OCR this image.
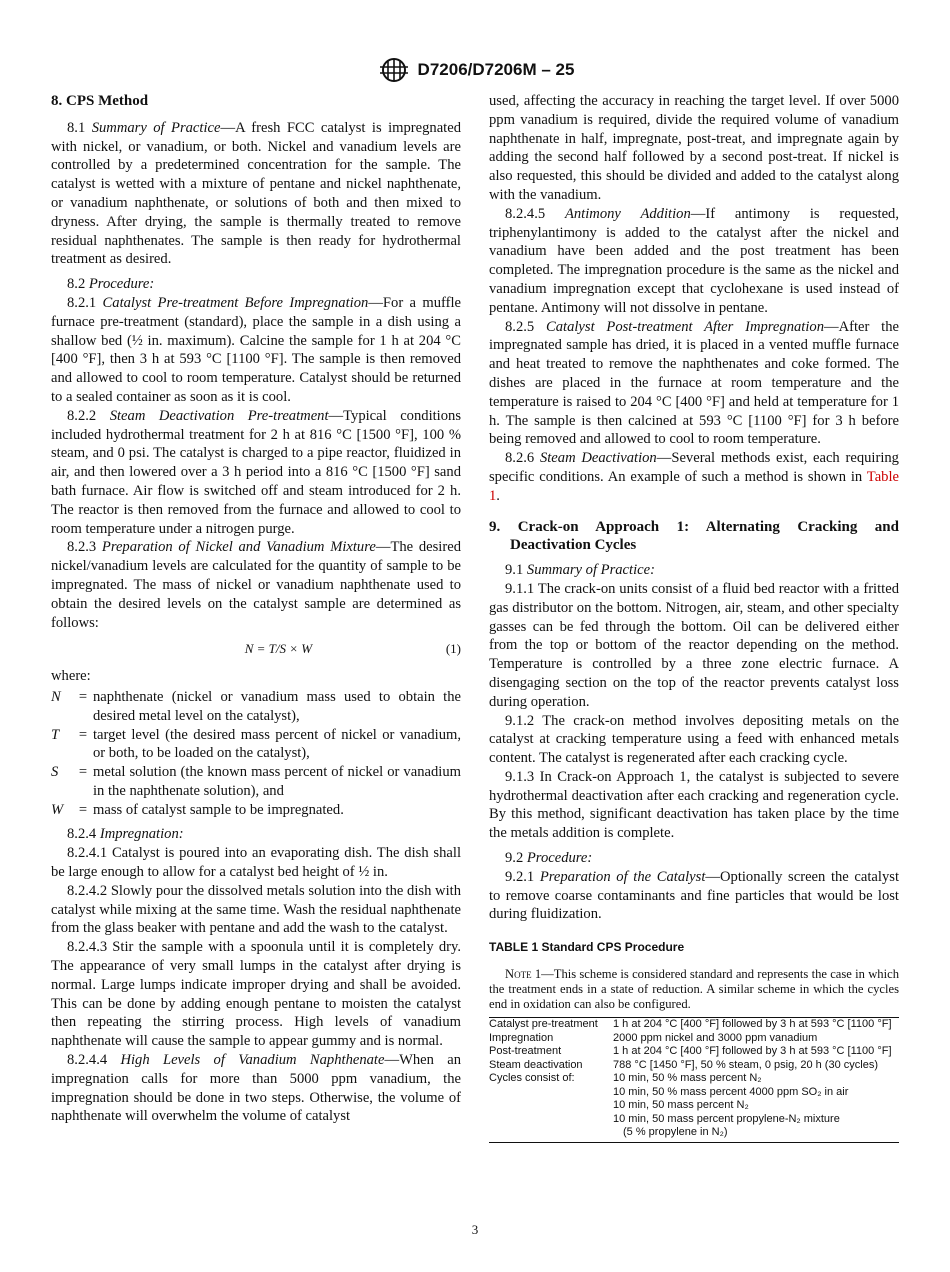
D7206/D7206M – 25

8. CPS Method

8.1 Summary of Practice—A fresh FCC catalyst is impregnated with nickel, or vanadium, or both. Nickel and vanadium levels are controlled by a predetermined concentration for the sample. The catalyst is wetted with a mixture of pentane and nickel naphthenate, or vanadium naphthenate, or solutions of both and then mixed to dryness. After drying, the sample is thermally treated to remove residual naphthenates. The sample is then ready for hydrothermal treatment as desired.

8.2 Procedure:

8.2.1 Catalyst Pre-treatment Before Impregnation—For a muffle furnace pre-treatment (standard), place the sample in a dish using a shallow bed (½ in. maximum). Calcine the sample for 1 h at 204 °C [400 °F], then 3 h at 593 °C [1100 °F]. The sample is then removed and allowed to cool to room temperature. Catalyst should be returned to a sealed container as soon as it is cool.

8.2.2 Steam Deactivation Pre-treatment—Typical conditions included hydrothermal treatment for 2 h at 816 °C [1500 °F], 100 % steam, and 0 psi. The catalyst is charged to a pipe reactor, fluidized in air, and then lowered over a 3 h period into a 816 °C [1500 °F] sand bath furnace. Air flow is switched off and steam introduced for 2 h. The reactor is then removed from the furnace and allowed to cool to room temperature under a nitrogen purge.

8.2.3 Preparation of Nickel and Vanadium Mixture—The desired nickel/vanadium levels are calculated for the quantity of sample to be impregnated. The mass of nickel or vanadium naphthenate used to obtain the desired levels on the catalyst sample are determined as follows:

N = T/S × W	(1)

where:

N	= naphthenate (nickel or vanadium mass used to obtain the desired metal level on the catalyst),
T	= target level (the desired mass percent of nickel or vanadium, or both, to be loaded on the catalyst),
S	= metal solution (the known mass percent of nickel or vanadium in the naphthenate solution), and
W	= mass of catalyst sample to be impregnated.

8.2.4 Impregnation:

8.2.4.1 Catalyst is poured into an evaporating dish. The dish shall be large enough to allow for a catalyst bed height of ½ in.

8.2.4.2 Slowly pour the dissolved metals solution into the dish with catalyst while mixing at the same time. Wash the residual naphthenate from the glass beaker with pentane and add the wash to the catalyst.

8.2.4.3 Stir the sample with a spoonula until it is completely dry. The appearance of very small lumps in the catalyst after drying is normal. Large lumps indicate improper drying and shall be avoided. This can be done by adding enough pentane to moisten the catalyst then repeating the stirring process. High levels of vanadium naphthenate will cause the sample to appear gummy and is normal.

8.2.4.4 High Levels of Vanadium Naphthenate—When an impregnation calls for more than 5000 ppm vanadium, the impregnation should be done in two steps. Otherwise, the volume of naphthenate will overwhelm the volume of catalyst

used, affecting the accuracy in reaching the target level. If over 5000 ppm vanadium is required, divide the required volume of vanadium naphthenate in half, impregnate, post-treat, and impregnate again by adding the second half followed by a second post-treat. If nickel is also requested, this should be divided and added to the catalyst along with the vanadium.

8.2.4.5 Antimony Addition—If antimony is requested, triphenylantimony is added to the catalyst after the nickel and vanadium have been added and the post treatment has been completed. The impregnation procedure is the same as the nickel and vanadium impregnation except that cyclohexane is used instead of pentane. Antimony will not dissolve in pentane.

8.2.5 Catalyst Post-treatment After Impregnation—After the impregnated sample has dried, it is placed in a vented muffle furnace and heat treated to remove the naphthenates and coke formed. The dishes are placed in the furnace at room temperature and the temperature is raised to 204 °C [400 °F] and held at temperature for 1 h. The sample is then calcined at 593 °C [1100 °F] for 3 h before being removed and allowed to cool to room temperature.

8.2.6 Steam Deactivation—Several methods exist, each requiring specific conditions. An example of such a method is shown in Table 1.

9. Crack-on Approach 1: Alternating Cracking and Deactivation Cycles

9.1 Summary of Practice:

9.1.1 The crack-on units consist of a fluid bed reactor with a fritted gas distributor on the bottom. Nitrogen, air, steam, and other specialty gasses can be fed through the bottom. Oil can be delivered either from the top or bottom of the reactor depending on the method. Temperature is controlled by a three zone electric furnace. A disengaging section on the top of the reactor prevents catalyst loss during operation.

9.1.2 The crack-on method involves depositing metals on the catalyst at cracking temperature using a feed with enhanced metals content. The catalyst is regenerated after each cracking cycle.

9.1.3 In Crack-on Approach 1, the catalyst is subjected to severe hydrothermal deactivation after each cracking and regeneration cycle. By this method, significant deactivation has taken place by the time the metals addition is complete.

9.2 Procedure:

9.2.1 Preparation of the Catalyst—Optionally screen the catalyst to remove coarse contaminants and fine particles that would be lost during fluidization.

TABLE 1 Standard CPS Procedure

Note 1—This scheme is considered standard and represents the case in which the treatment ends in a state of reduction. A similar scheme in which the cycles end in oxidation can also be configured.

Catalyst pre-treatment	1 h at 204 °C [400 °F] followed by 3 h at 593 °C [1100 °F]
Impregnation	2000 ppm nickel and 3000 ppm vanadium
Post-treatment	1 h at 204 °C [400 °F] followed by 3 h at 593 °C [1100 °F]
Steam deactivation	788 °C [1450 °F], 50 % steam, 0 psig, 20 h (30 cycles)
Cycles consist of:	10 min, 50 % mass percent N₂
	10 min, 50 % mass percent 4000 ppm SO₂ in air
	10 min, 50 mass percent N₂
	10 min, 50 mass percent propylene-N₂ mixture
	(5 % propylene in N₂)
3
